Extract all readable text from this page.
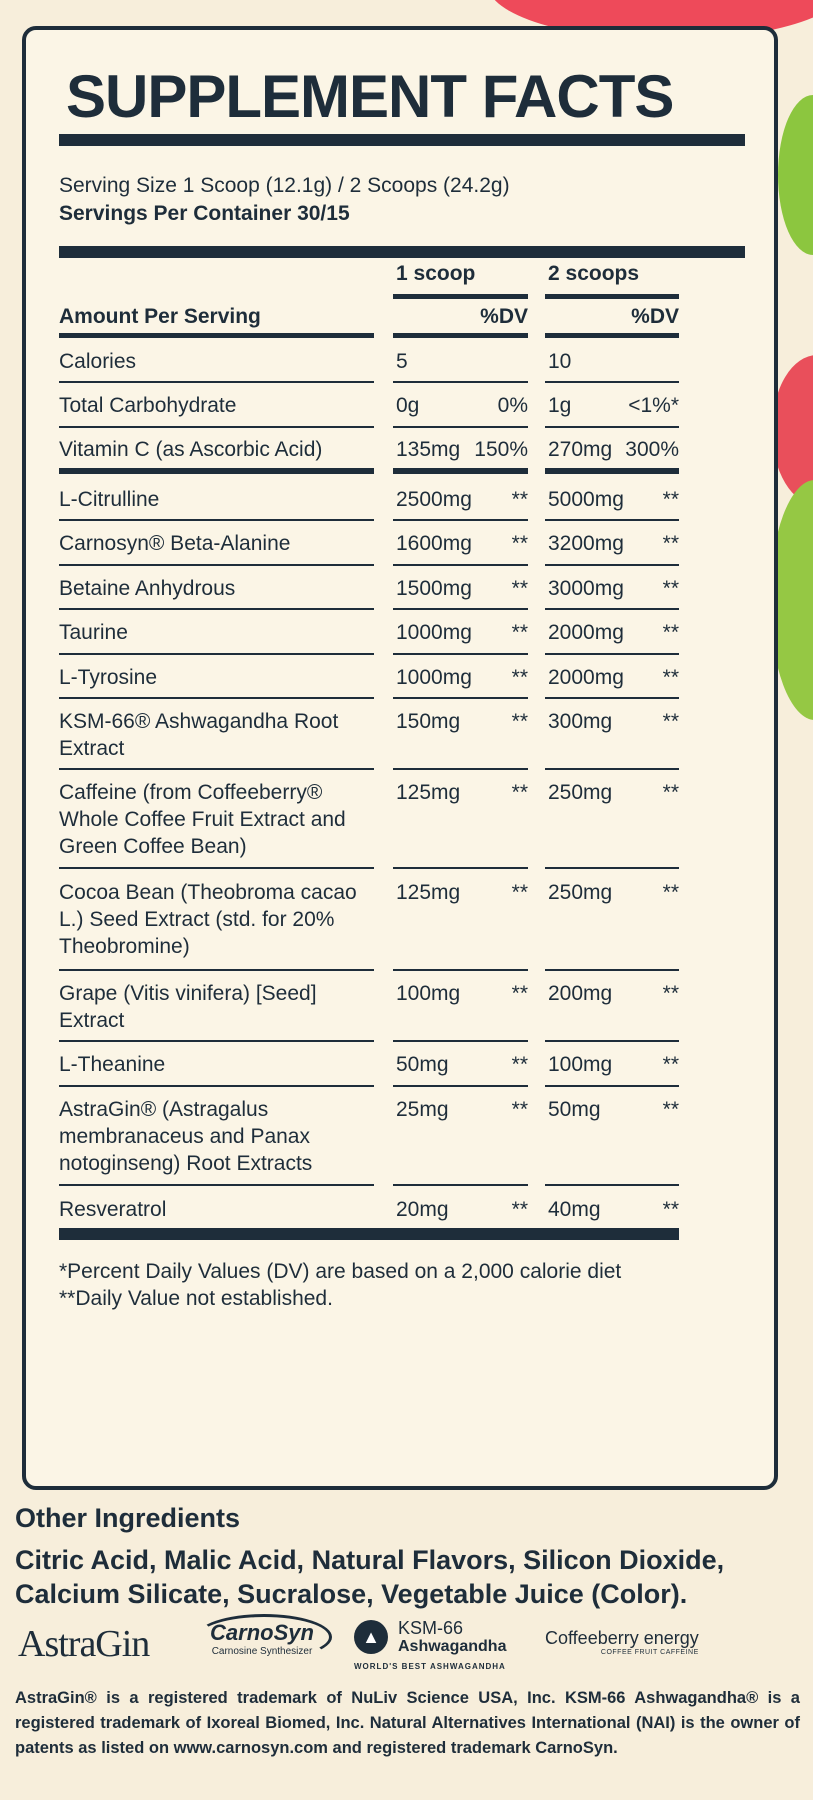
SUPPLEMENT FACTS
Serving Size 1 Scoop (12.1g) / 2 Scoops (24.2g)
Servings Per Container 30/15
1 scoop	2 scoops
Amount Per Serving	%DV	%DV
Calories	5	10
Total Carbohydrate	0g	0% 1g	<1%*
Vitamin C (as Ascorbic Acid)	135mg 150% 270mg 300%
L-Citrulline	2500mg	** 5000mg	**
Carnosyn® Beta-Alanine	1600mg	** 3200mg	**
Betaine Anhydrous	1500mg	** 3000mg	**
Taurine	1000mg	** 2000mg	**
L-Tyrosine	1000mg	** 2000mg	**
KSM-66® Ashwagandha Root Extract
150mg	** 300mg	**
Caffeine (from Coffeeberry® Whole Coffee Fruit Extract and Green Coffee Bean)
125mg	** 250mg	**
Cocoa Bean (Theobroma cacao L.) Seed Extract (std. for 20% Theobromine)
125mg	** 250mg	**
Grape (Vitis vinifera) [Seed] Extract
100mg	** 200mg	**
L-Theanine	50mg	** 100mg	**
AstraGin® (Astragalus membranaceus and Panax notoginseng) Root Extracts
25mg	** 50mg	**
Resveratrol	20mg	** 40mg	**
*Percent Daily Values (DV) are based on a 2,000 calorie diet
**Daily Value not established.
Other Ingredients
Citric Acid, Malic Acid, Natural Flavors, Silicon Dioxide, Calcium Silicate, Sucralose, Vegetable Juice (Color).
AstraGin	CarnoSyn
Carnosine Synthesizer
▲	KSM-66
Ashwagandha
WORLD'S BEST ASHWAGANDHA
Coffeeberry energy
COFFEE FRUIT CAFFEINE
AstraGin® is a registered trademark of NuLiv Science USA, Inc. KSM-66 Ashwagandha® is a registered trademark of Ixoreal Biomed, Inc. Natural Alternatives International (NAI) is the owner of patents as listed on www.carnosyn.com and registered trademark CarnoSyn.
